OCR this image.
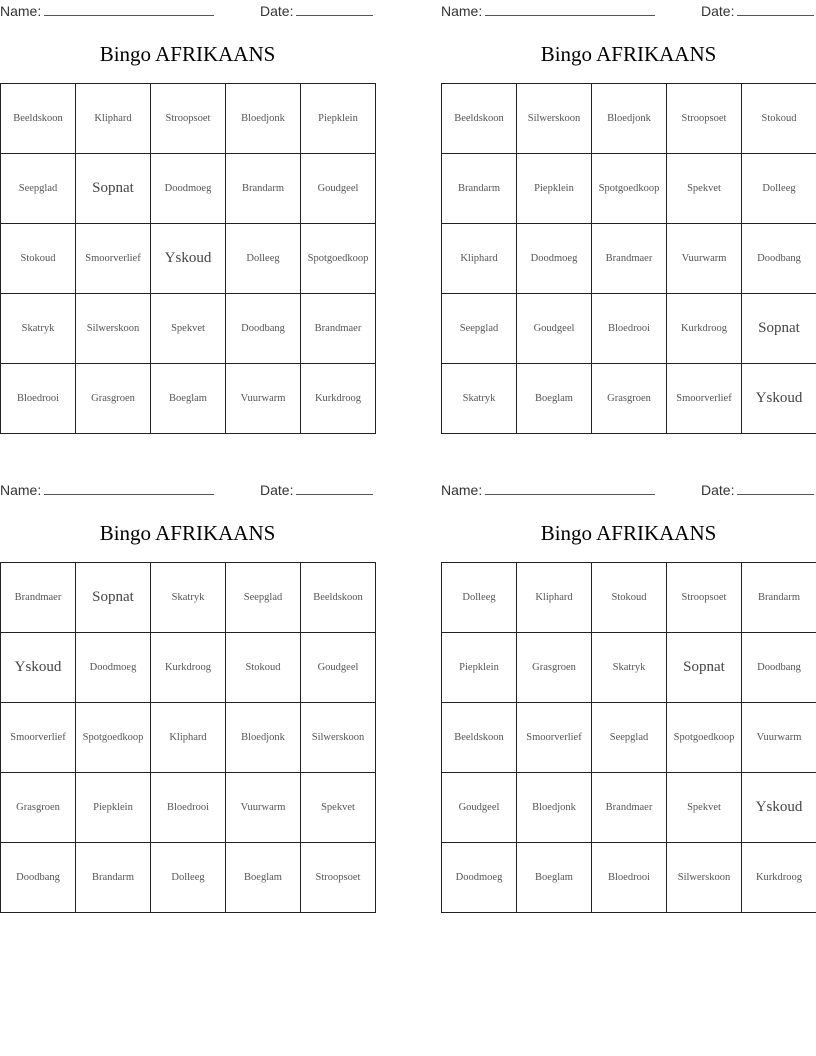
Name:	Date:
Bingo AFRIKAANS
Beeldskoon	Kliphard	Stroopsoet	Bloedjonk	Piepklein
Seepglad	Sopnat	Doodmoeg	Brandarm	Goudgeel
Stokoud	Smoorverlief	Yskoud	Dolleeg	Spotgoedkoop
Skatryk	Silwerskoon	Spekvet	Doodbang	Brandmaer
Bloedrooi	Grasgroen	Boeglam	Vuurwarm	Kurkdroog
Name:	Date:
Bingo AFRIKAANS
Beeldskoon	Silwerskoon	Bloedjonk	Stroopsoet	Stokoud
Brandarm	Piepklein	Spotgoedkoop	Spekvet	Dolleeg
Kliphard	Doodmoeg	Brandmaer	Vuurwarm	Doodbang
Seepglad	Goudgeel	Bloedrooi	Kurkdroog	Sopnat
Skatryk	Boeglam	Grasgroen	Smoorverlief	Yskoud
Name:	Date:
Bingo AFRIKAANS
Brandmaer	Sopnat	Skatryk	Seepglad	Beeldskoon
Yskoud	Doodmoeg	Kurkdroog	Stokoud	Goudgeel
Smoorverlief	Spotgoedkoop	Kliphard	Bloedjonk	Silwerskoon
Grasgroen	Piepklein	Bloedrooi	Vuurwarm	Spekvet
Doodbang	Brandarm	Dolleeg	Boeglam	Stroopsoet
Name:	Date:
Bingo AFRIKAANS
Dolleeg	Kliphard	Stokoud	Stroopsoet	Brandarm
Piepklein	Grasgroen	Skatryk	Sopnat	Doodbang
Beeldskoon	Smoorverlief	Seepglad	Spotgoedkoop	Vuurwarm
Goudgeel	Bloedjonk	Brandmaer	Spekvet	Yskoud
Doodmoeg	Boeglam	Bloedrooi	Silwerskoon	Kurkdroog
